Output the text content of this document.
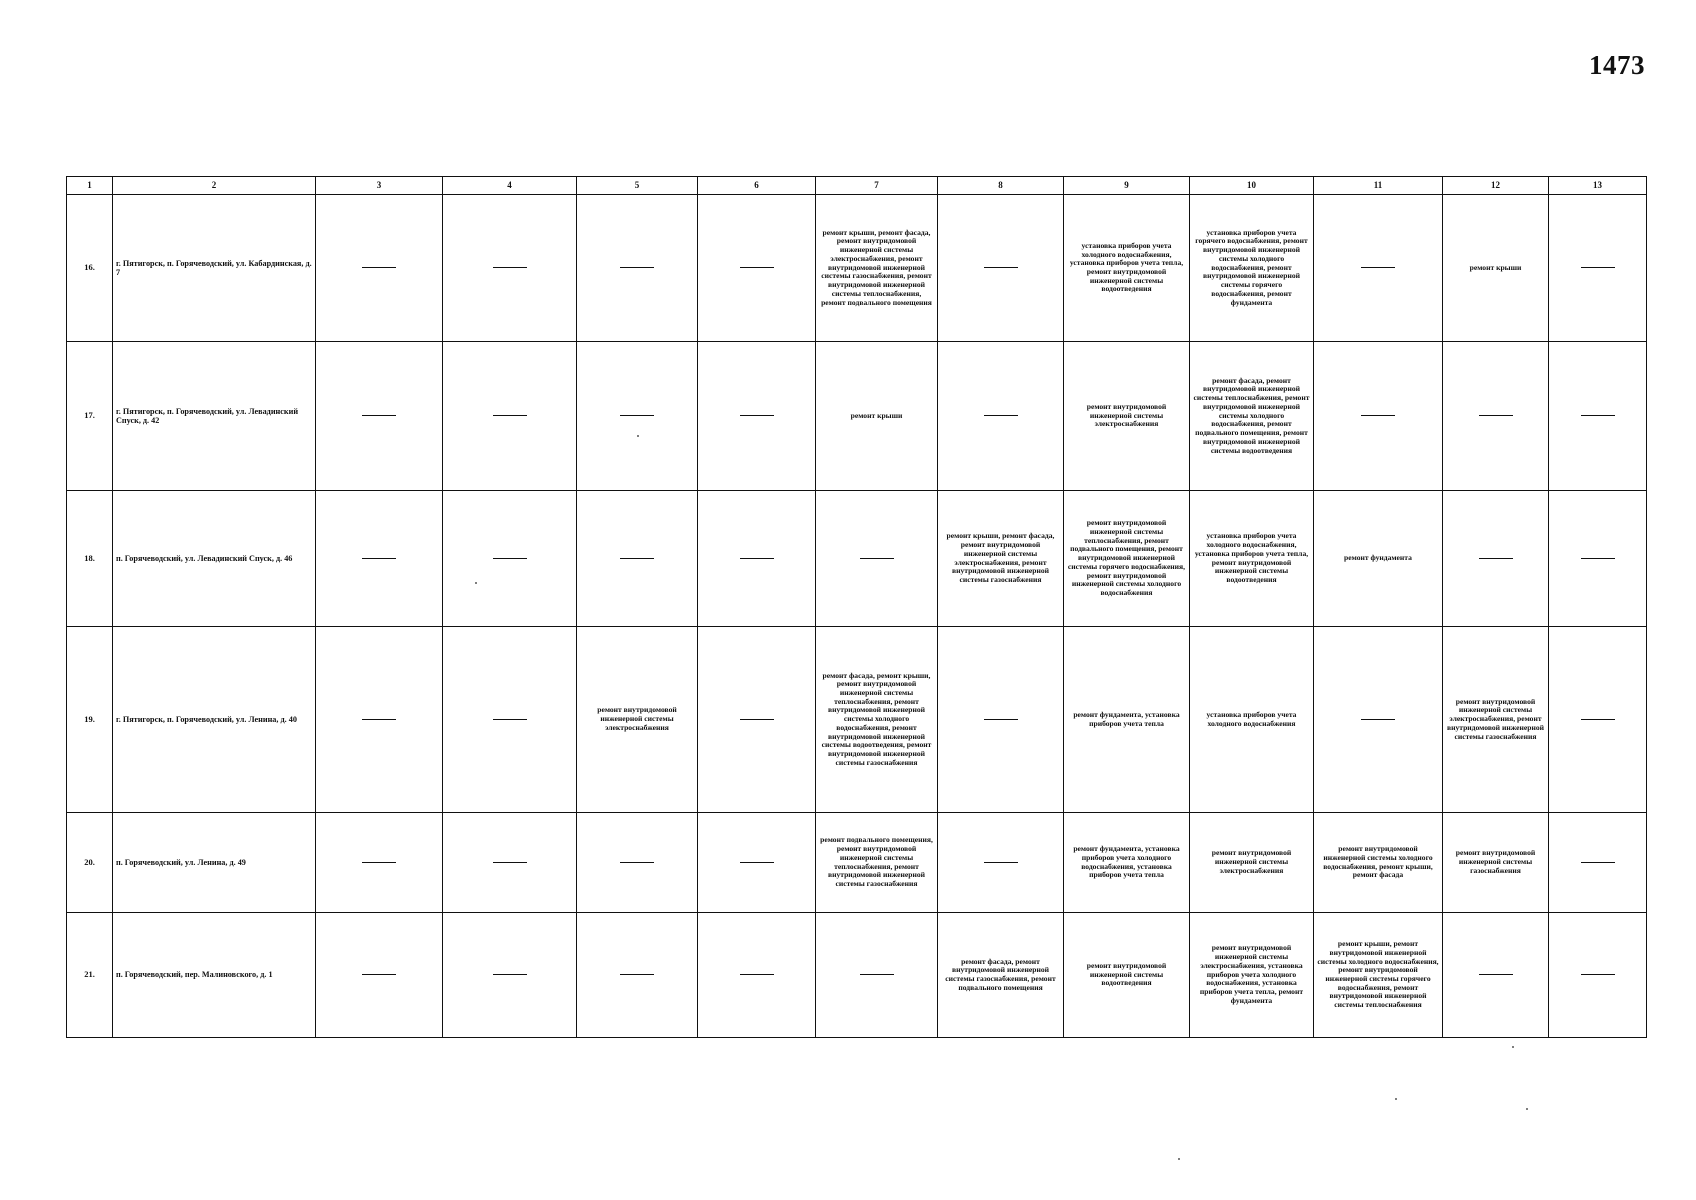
1473
1	2	3	4	5	6	7	8	9	10	11	12	13
16.	г. Пятигорск, п. Горячеводский, ул. Кабардинская, д. 7					ремонт крыши, ремонт фасада, ремонт внутридомовой инженерной системы электроснабжения, ремонт внутридомовой инженерной системы газоснабжения, ремонт внутридомовой инженерной системы теплоснабжения, ремонт подвального помещения		установка приборов учета холодного водоснабжения, установка приборов учета тепла, ремонт внутридомовой инженерной системы водоотведения	установка приборов учета горячего водоснабжения, ремонт внутридомовой инженерной системы холодного водоснабжения, ремонт внутридомовой инженерной системы горячего водоснабжения, ремонт фундамента		ремонт крыши	
17.	г. Пятигорск, п. Горячеводский, ул. Левадинский Спуск, д. 42					ремонт крыши		ремонт внутридомовой инженерной системы электроснабжения	ремонт фасада, ремонт внутридомовой инженерной системы теплоснабжения, ремонт внутридомовой инженерной системы холодного водоснабжения, ремонт подвального помещения, ремонт внутридомовой инженерной системы водоотведения			
18.	п. Горячеводский, ул. Левадинский Спуск, д. 46						ремонт крыши, ремонт фасада, ремонт внутридомовой инженерной системы электроснабжения, ремонт внутридомовой инженерной системы газоснабжения	ремонт внутридомовой инженерной системы теплоснабжения, ремонт подвального помещения, ремонт внутридомовой инженерной системы горячего водоснабжения, ремонт внутридомовой инженерной системы холодного водоснабжения	установка приборов учета холодного водоснабжения, установка приборов учета тепла, ремонт внутридомовой инженерной системы водоотведения	ремонт фундамента		
19.	г. Пятигорск, п. Горячеводский, ул. Ленина, д. 40			ремонт внутридомовой инженерной системы электроснабжения		ремонт фасада, ремонт крыши, ремонт внутридомовой инженерной системы теплоснабжения, ремонт внутридомовой инженерной системы холодного водоснабжения, ремонт внутридомовой инженерной системы водоотведения, ремонт внутридомовой инженерной системы газоснабжения		ремонт фундамента, установка приборов учета тепла	установка приборов учета холодного водоснабжения		ремонт внутридомовой инженерной системы электроснабжения, ремонт внутридомовой инженерной системы газоснабжения	
20.	п. Горячеводский, ул. Ленина, д. 49					ремонт подвального помещения, ремонт внутридомовой инженерной системы теплоснабжения, ремонт внутридомовой инженерной системы газоснабжения		ремонт фундамента, установка приборов учета холодного водоснабжения, установка приборов учета тепла	ремонт внутридомовой инженерной системы электроснабжения	ремонт внутридомовой инженерной системы холодного водоснабжения, ремонт крыши, ремонт фасада	ремонт внутридомовой инженерной системы газоснабжения	
21.	п. Горячеводский, пер. Малиновского, д. 1						ремонт фасада, ремонт внутридомовой инженерной системы газоснабжения, ремонт подвального помещения	ремонт внутридомовой инженерной системы водоотведения	ремонт внутридомовой инженерной системы электроснабжения, установка приборов учета холодного водоснабжения, установка приборов учета тепла, ремонт фундамента	ремонт крыши, ремонт внутридомовой инженерной системы холодного водоснабжения, ремонт внутридомовой инженерной системы горячего водоснабжения, ремонт внутридомовой инженерной системы теплоснабжения		
